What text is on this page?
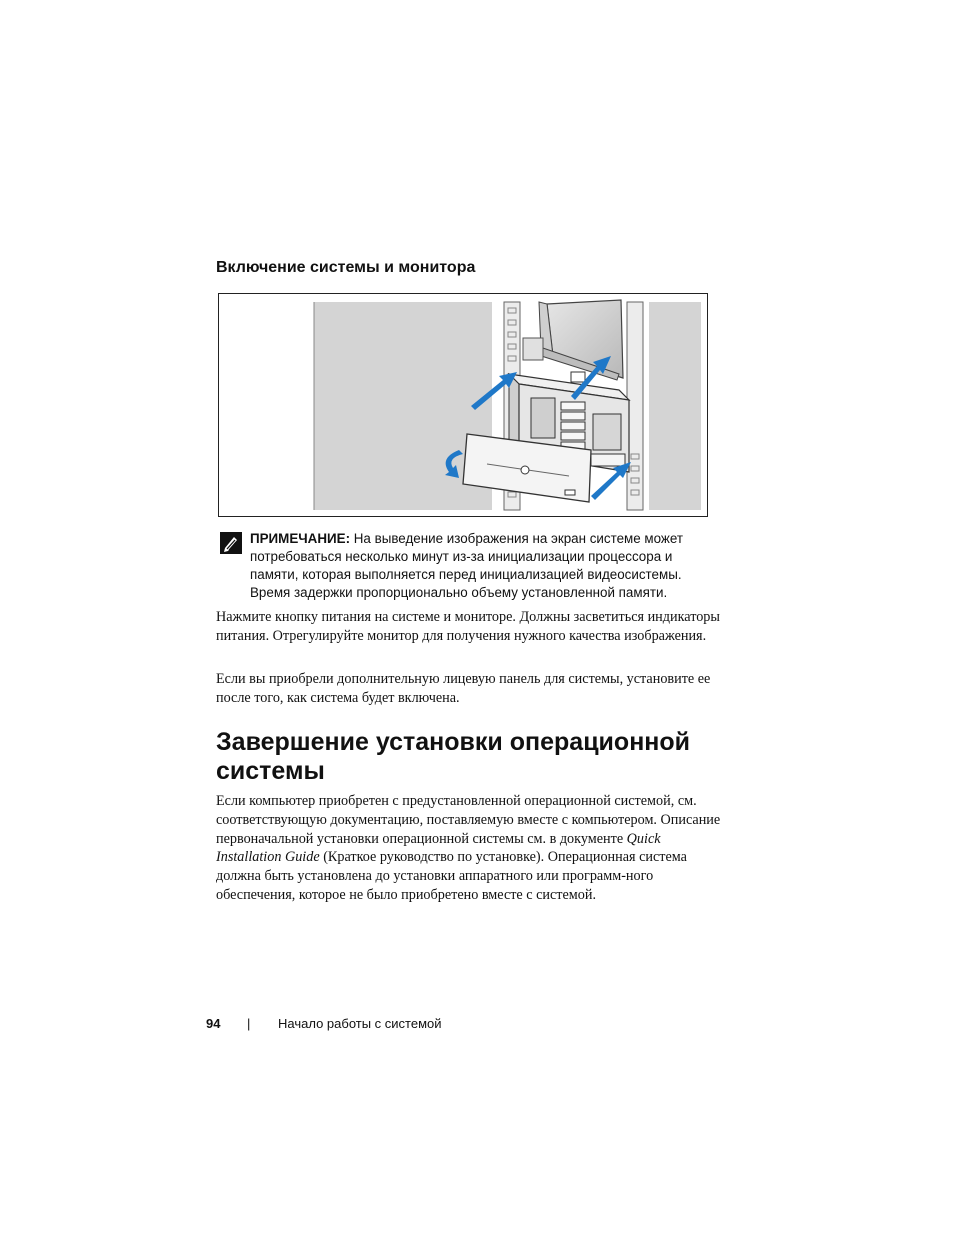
Включение системы и монитора
ПРИМЕЧАНИЕ: На выведение изображения на экран системе может потребоваться несколько минут из-за инициализации процессора и памяти, которая выполняется перед инициализацией видеосистемы. Время задержки пропорционально объему установленной памяти.
Нажмите кнопку питания на системе и мониторе. Должны засветиться индикаторы питания. Отрегулируйте монитор для получения нужного качества изображения.
Если вы приобрели дополнительную лицевую панель для системы, установите ее после того, как система будет включена.
Завершение установки операционной системы
Если компьютер приобретен с предустановленной операционной системой, см. соответствующую документацию, поставляемую вместе с компьютером. Описание первоначальной установки операционной системы см. в документе Quick Installation Guide (Краткое руководство по установке). Операционная система должна быть установлена до установки аппаратного или программ-ного обеспечения, которое не было приобретено вместе с системой.
94 | Начало работы с системой
